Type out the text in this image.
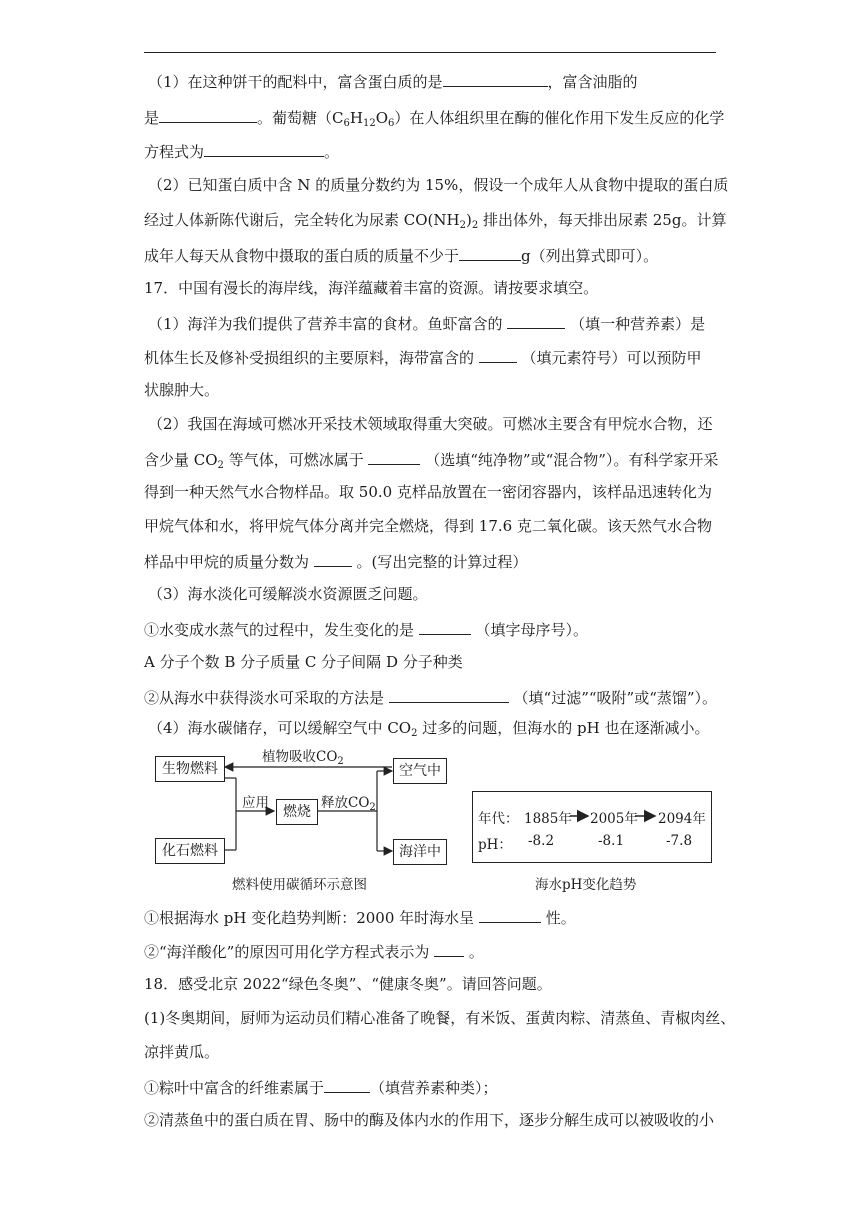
（1）在这种饼干的配料中，富含蛋白质的是	，富含油脂的
是	。葡萄糖$(C_6H_{12}O_6)$在人体组织里在酶的催化作用下发生反应的化学
方程式为	。
（2）已知蛋白质中含 N 的质量分数约为 15%，假设一个成年人从食物中提取的蛋白质
经过人体新陈代谢后，完全转化为尿素 $CO(NH_2)_2$ 排出体外，每天排出尿素 25g。计算
成年人每天从食物中摄取的蛋白质的质量不少于	g（列出算式即可）。
17．中国有漫长的海岸线，海洋蕴藏着丰富的资源。请按要求填空。
（1）海洋为我们提供了营养丰富的食材。鱼虾富含的	（填一种营养素）是
机体生长及修补受损组织的主要原料，海带富含的	（填元素符号）可以预防甲
状腺肿大。
（2）我国在海域可燃冰开采技术领域取得重大突破。可燃冰主要含有甲烷水合物，还
含少量 $CO_2$ 等气体，可燃冰属于	（选填“纯净物”或“混合物”）。有科学家开采
得到一种天然气水合物样品。取 50.0 克样品放置在一密闭容器内，该样品迅速转化为
甲烷气体和水，将甲烷气体分离并完全燃烧，得到 17.6 克二氧化碳。该天然气水合物
样品中甲烷的质量分数为	。(写出完整的计算过程）
（3）海水淡化可缓解淡水资源匮乏问题。
①水变成水蒸气的过程中，发生变化的是	（填字母序号）。
A 分子个数 B 分子质量 C 分子间隔 D 分子种类
②从海水中获得淡水可采取的方法是	（填“过滤”“吸附”或“蒸馏”）。
（4）海水碳储存，可以缓解空气中 $CO_2$ 过多的问题，但海水的 pH 也在逐渐减小。
生物燃料
化石燃料
燃烧
空气中
海洋中
植物吸收$CO_2$
应用	释放$CO_2$
燃料使用碳循环示意图
年代： 1885年 2005年 2094年
pH： -8.2	-8.1	-7.8
海水pH变化趋势
①根据海水 pH 变化趋势判断：2000 年时海水呈	性。
②“海洋酸化”的原因可用化学方程式表示为  。
18．感受北京 2022“绿色冬奥”、“健康冬奥”。请回答问题。
(1)冬奥期间，厨师为运动员们精心准备了晚餐，有米饭、蛋黄肉粽、清蒸鱼、青椒肉丝、
凉拌黄瓜。
①粽叶中富含的纤维素属于	（填营养素种类）；
②清蒸鱼中的蛋白质在胃、肠中的酶及体内水的作用下，逐步分解生成可以被吸收的小
